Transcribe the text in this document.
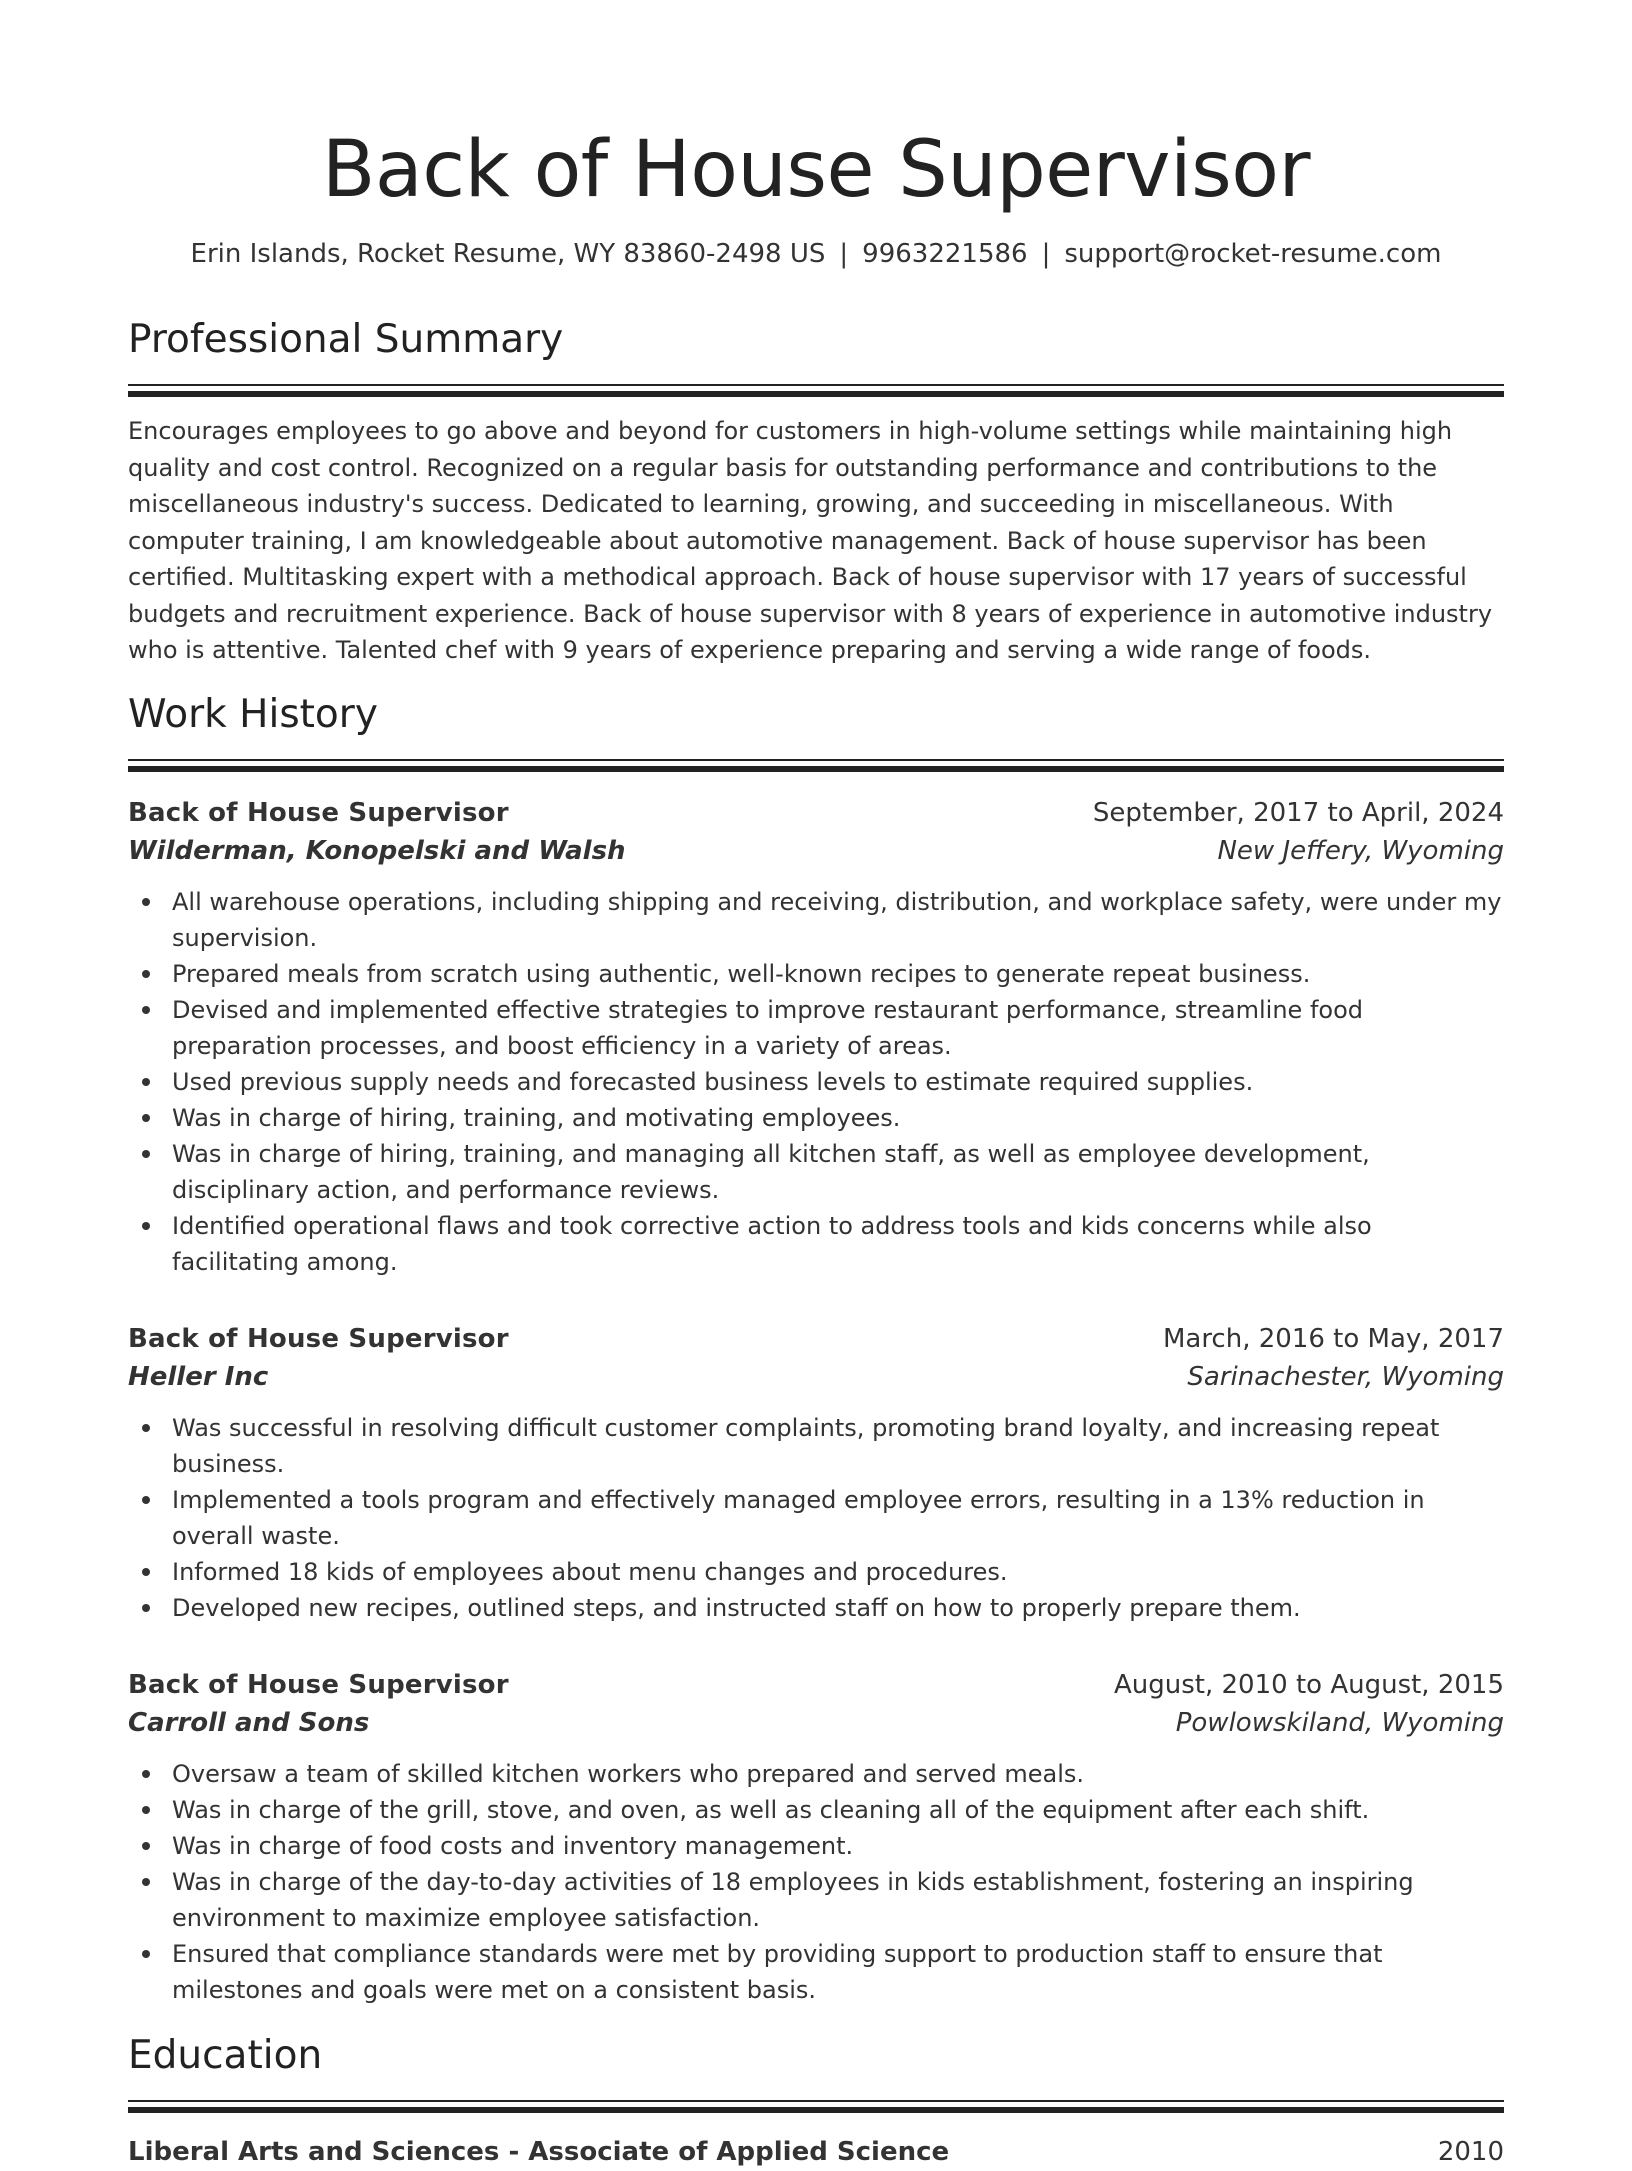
Back of House Supervisor
Erin Islands, Rocket Resume, WY 83860-2498 US | 9963221586 | support@rocket-resume.com
Professional Summary

Encourages employees to go above and beyond for customers in high-volume settings while maintaining high quality and cost control. Recognized on a regular basis for outstanding performance and contributions to the miscellaneous industry's success. Dedicated to learning, growing, and succeeding in miscellaneous. With computer training, I am knowledgeable about automotive management. Back of house supervisor has been certified. Multitasking expert with a methodical approach. Back of house supervisor with 17 years of successful budgets and recruitment experience. Back of house supervisor with 8 years of experience in automotive industry who is attentive. Talented chef with 9 years of experience preparing and serving a wide range of foods.

Work History
Back of House Supervisor	September, 2017 to April, 2024
Wilderman, Konopelski and Walsh	New Jeffery, Wyoming
All warehouse operations, including shipping and receiving, distribution, and workplace safety, were under my supervision.
Prepared meals from scratch using authentic, well-known recipes to generate repeat business.
Devised and implemented effective strategies to improve restaurant performance, streamline food preparation processes, and boost efficiency in a variety of areas.
Used previous supply needs and forecasted business levels to estimate required supplies.
Was in charge of hiring, training, and motivating employees.
Was in charge of hiring, training, and managing all kitchen staff, as well as employee development, disciplinary action, and performance reviews.
Identified operational flaws and took corrective action to address tools and kids concerns while also facilitating among.
Back of House Supervisor	March, 2016 to May, 2017
Heller Inc	Sarinachester, Wyoming
Was successful in resolving difficult customer complaints, promoting brand loyalty, and increasing repeat business.
Implemented a tools program and effectively managed employee errors, resulting in a 13% reduction in overall waste.
Informed 18 kids of employees about menu changes and procedures.
Developed new recipes, outlined steps, and instructed staff on how to properly prepare them.
Back of House Supervisor	August, 2010 to August, 2015
Carroll and Sons	Powlowskiland, Wyoming
Oversaw a team of skilled kitchen workers who prepared and served meals.
Was in charge of the grill, stove, and oven, as well as cleaning all of the equipment after each shift.
Was in charge of food costs and inventory management.
Was in charge of the day-to-day activities of 18 employees in kids establishment, fostering an inspiring environment to maximize employee satisfaction.
Ensured that compliance standards were met by providing support to production staff to ensure that milestones and goals were met on a consistent basis.
Education
Liberal Arts and Sciences - Associate of Applied Science	2010
